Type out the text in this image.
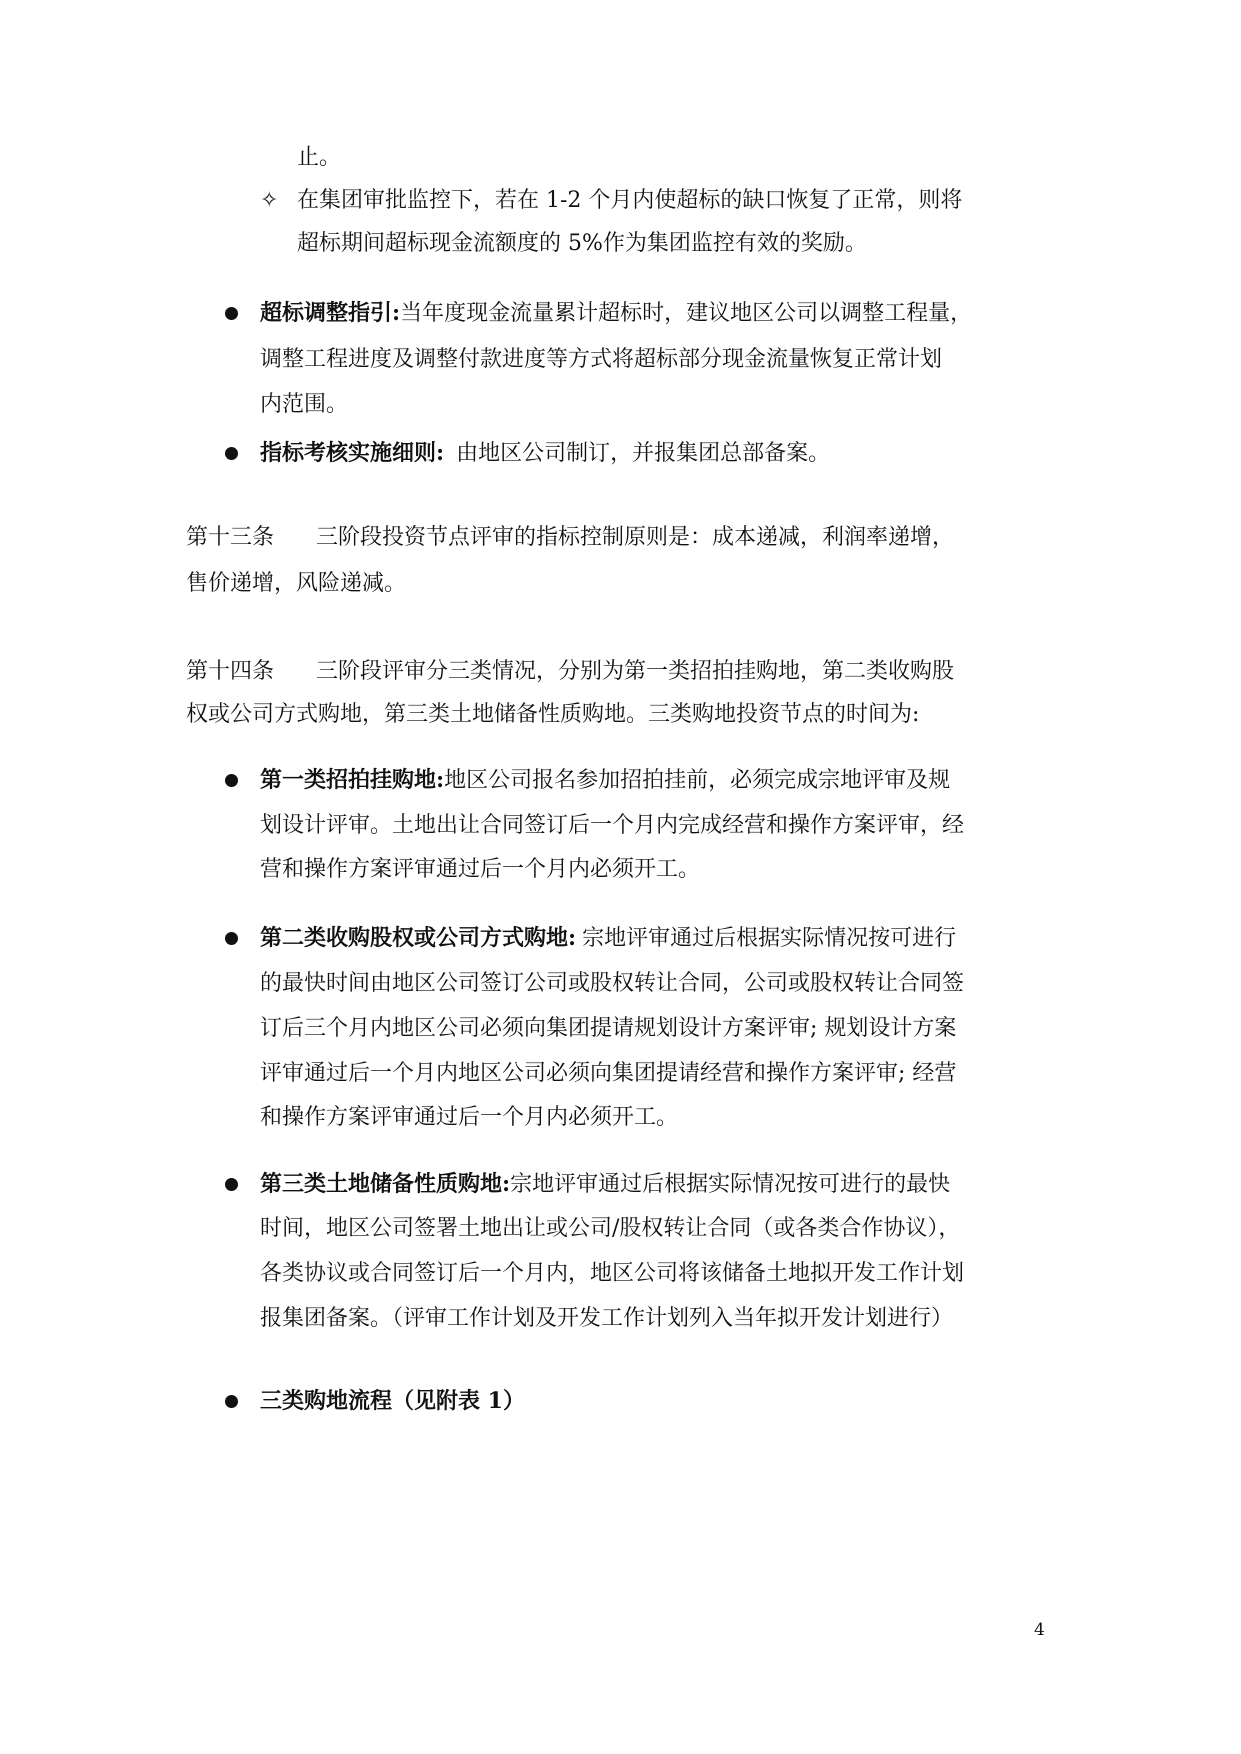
止。
✧ 在集团审批监控下，若在 1-2 个月内使超标的缺口恢复了正常，则将
超标期间超标现金流额度的 5%作为集团监控有效的奖励。
超标调整指引:当年度现金流量累计超标时，建议地区公司以调整工程量，
调整工程进度及调整付款进度等方式将超标部分现金流量恢复正常计划
内范围。
指标考核实施细则: 由地区公司制订，并报集团总部备案。
第十三条 三阶段投资节点评审的指标控制原则是：成本递减，利润率递增，
售价递增，风险递减。
第十四条 三阶段评审分三类情况，分别为第一类招拍挂购地，第二类收购股
权或公司方式购地，第三类土地储备性质购地。三类购地投资节点的时间为:
第一类招拍挂购地:地区公司报名参加招拍挂前，必须完成宗地评审及规
划设计评审。土地出让合同签订后一个月内完成经营和操作方案评审，经
营和操作方案评审通过后一个月内必须开工。
第二类收购股权或公司方式购地: 宗地评审通过后根据实际情况按可进行
的最快时间由地区公司签订公司或股权转让合同，公司或股权转让合同签
订后三个月内地区公司必须向集团提请规划设计方案评审; 规划设计方案
评审通过后一个月内地区公司必须向集团提请经营和操作方案评审; 经营
和操作方案评审通过后一个月内必须开工。
第三类土地储备性质购地:宗地评审通过后根据实际情况按可进行的最快
时间，地区公司签署土地出让或公司/股权转让合同（或各类合作协议），
各类协议或合同签订后一个月内，地区公司将该储备土地拟开发工作计划
报集团备案。（评审工作计划及开发工作计划列入当年拟开发计划进行）
三类购地流程（见附表 1）
4
